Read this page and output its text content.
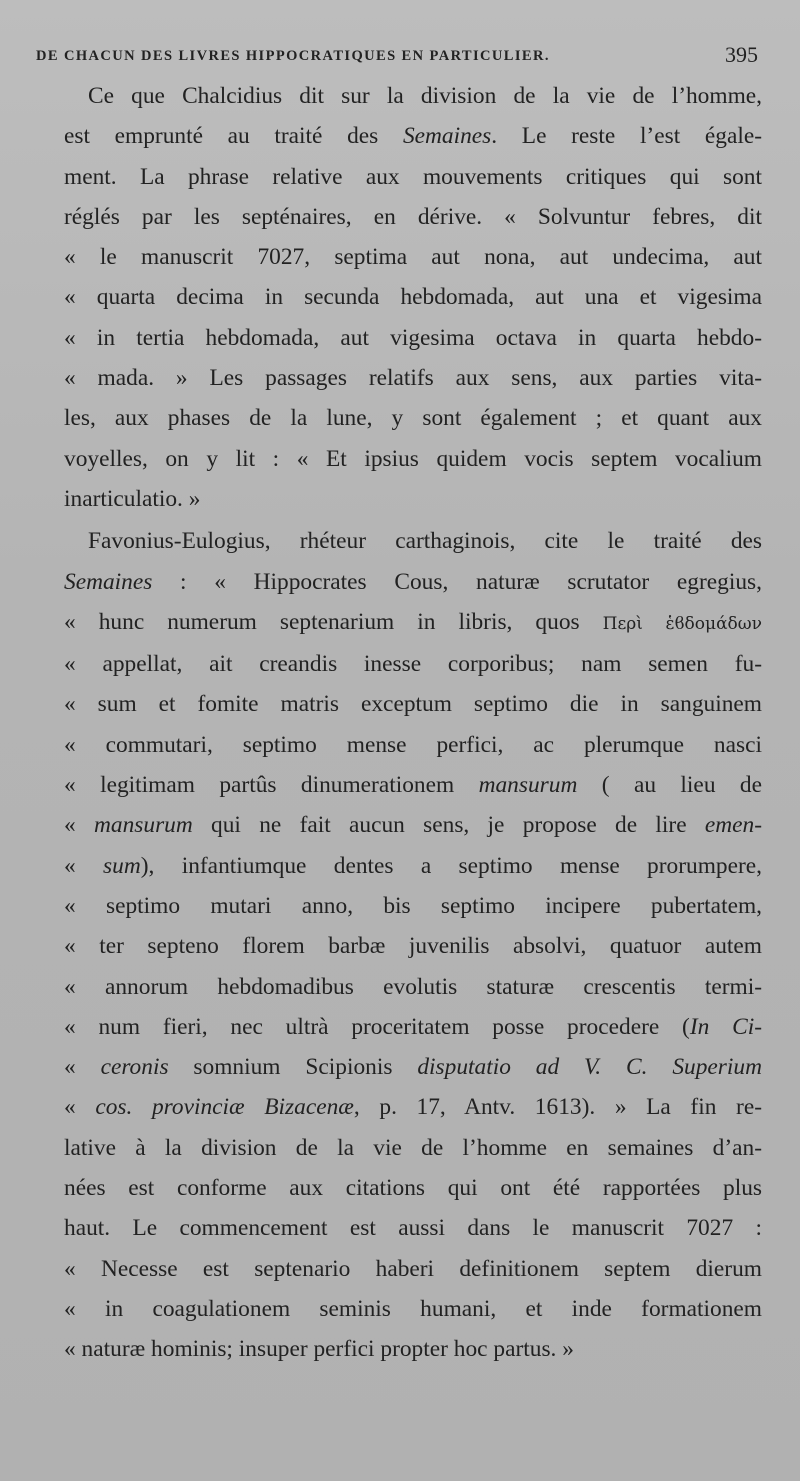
DE CHACUN DES LIVRES HIPPOCRATIQUES EN PARTICULIER.	395
Ce que Chalcidius dit sur la division de la vie de l’homme,
est emprunté au traité des Semaines. Le reste l’est égale-
ment. La phrase relative aux mouvements critiques qui sont
réglés par les septénaires, en dérive. « Solvuntur febres, dit
« le manuscrit 7027, septima aut nona, aut undecima, aut
« quarta decima in secunda hebdomada, aut una et vigesima
« in tertia hebdomada, aut vigesima octava in quarta hebdo-
« mada. » Les passages relatifs aux sens, aux parties vita-
les, aux phases de la lune, y sont également ; et quant aux
voyelles, on y lit : « Et ipsius quidem vocis septem vocalium
inarticulatio. »
Favonius-Eulogius, rhéteur carthaginois, cite le traité des
Semaines : « Hippocrates Cous, naturæ scrutator egregius,
« hunc numerum septenarium in libris, quos Περὶ ἑϐδομάδων
« appellat, ait creandis inesse corporibus; nam semen fu-
« sum et fomite matris exceptum septimo die in sanguinem
« commutari, septimo mense perfici, ac plerumque nasci
« legitimam partûs dinumerationem mansurum ( au lieu de
« mansurum qui ne fait aucun sens, je propose de lire emen-
« sum), infantiumque dentes a septimo mense prorumpere,
« septimo mutari anno, bis septimo incipere pubertatem,
« ter septeno florem barbæ juvenilis absolvi, quatuor autem
« annorum hebdomadibus evolutis staturæ crescentis termi-
« num fieri, nec ultrà proceritatem posse procedere (In Ci-
« ceronis somnium Scipionis disputatio ad V. C. Superium
« cos. provinciæ Bizacenæ, p. 17, Antv. 1613). » La fin re-
lative à la division de la vie de l’homme en semaines d’an-
nées est conforme aux citations qui ont été rapportées plus
haut. Le commencement est aussi dans le manuscrit 7027 :
« Necesse est septenario haberi definitionem septem dierum
« in coagulationem seminis humani, et inde formationem
« naturæ hominis; insuper perfici propter hoc partus. »
